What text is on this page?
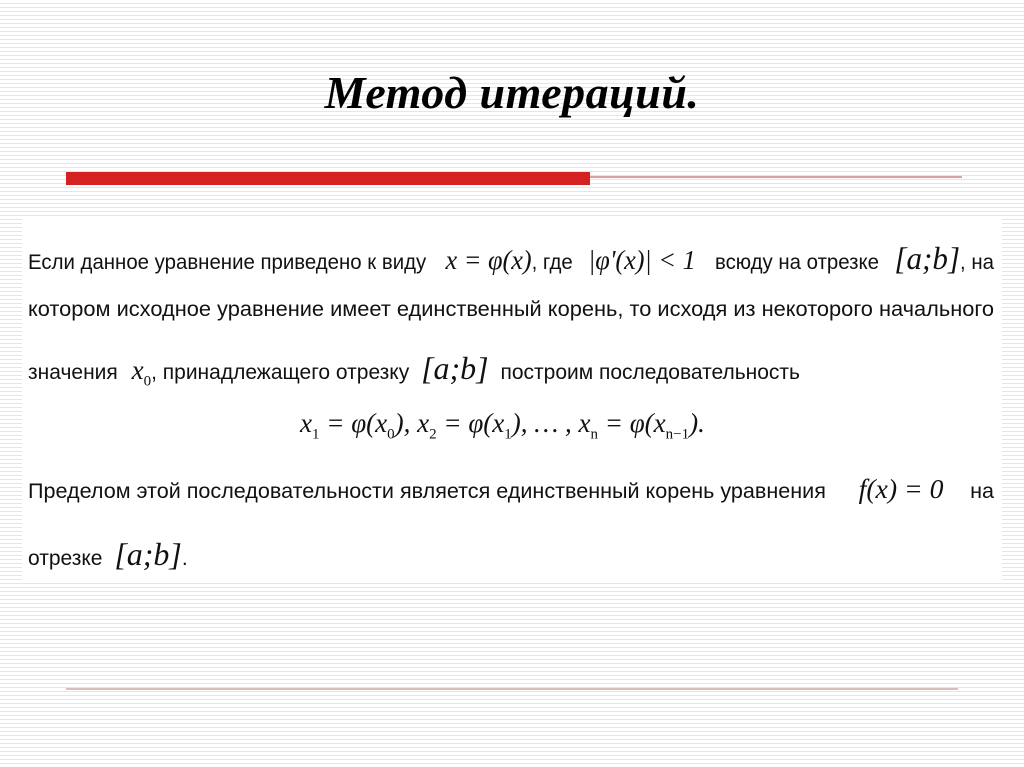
Метод итераций.
Если данное уравнение приведено к виду x = φ(x), где |φ'(x)| < 1 всюду на отрезке [a;b], на
котором исходное уравнение имеет единственный корень, то исходя из некоторого начального
значения $x_0$, принадлежащего отрезку [a;b] построим последовательность
$x_1 = \varphi(x_0)$, $x_2 = \varphi(x_1)$, … , $x_n = \varphi(x_{n-1})$.
Пределом этой последовательности является единственный корень уравнения f(x) = 0 на
отрезке [a;b].
